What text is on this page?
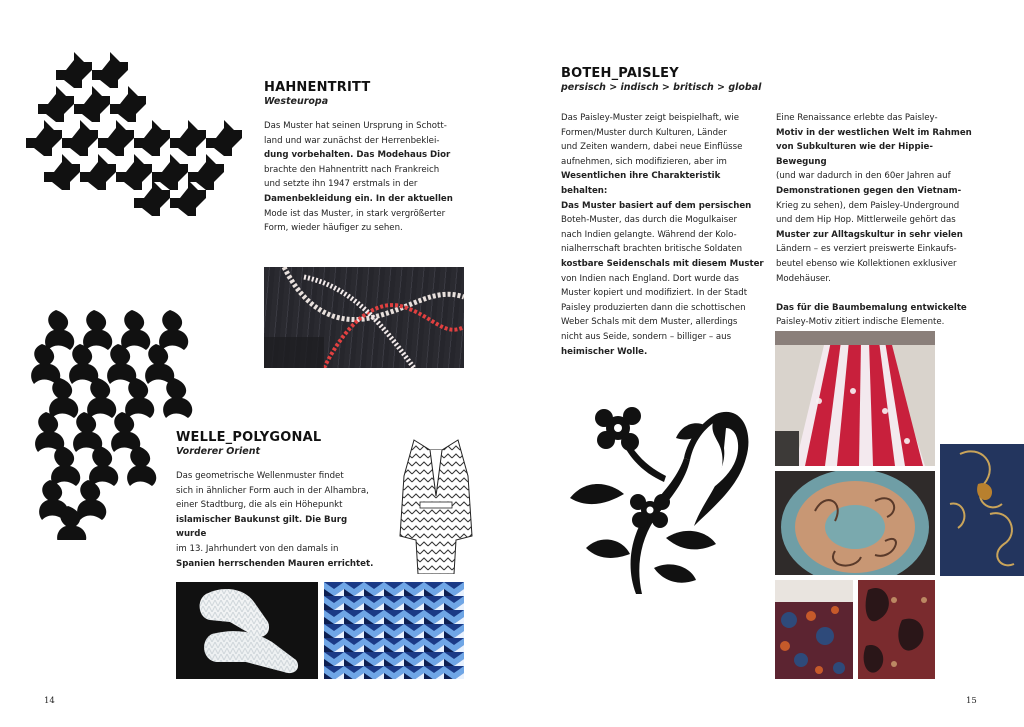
HAHNENTRITT
Westeuropa
Das Muster hat seinen Ursprung in Schott-
land und war zunächst der Herrenbeklei-
dung vorbehalten. Das Modehaus Dior
brachte den Hahnentritt nach Frankreich
und setzte ihn 1947 erstmals in der
Damenbekleidung ein. In der aktuellen
Mode ist das Muster, in stark vergrößerter
Form, wieder häufiger zu sehen.
WELLE_POLYGONAL
Vorderer Orient
Das geometrische Wellenmuster findet
sich in ähnlicher Form auch in der Alhambra,
einer Stadtburg, die als ein Höhepunkt
islamischer Baukunst gilt. Die Burg wurde
im 13. Jahrhundert von den damals in
Spanien herrschenden Mauren errichtet.
14
BOTEH_PAISLEY
persisch > indisch > britisch > global
Das Paisley-Muster zeigt beispielhaft, wie
Formen/Muster durch Kulturen, Länder
und Zeiten wandern, dabei neue Einflüsse
aufnehmen, sich modifizieren, aber im
Wesentlichen ihre Charakteristik behalten:
Das Muster basiert auf dem persischen
Boteh-Muster, das durch die Mogulkaiser
nach Indien gelangte. Während der Kolo-
nialherrschaft brachten britische Soldaten
kostbare Seidenschals mit diesem Muster
von Indien nach England. Dort wurde das
Muster kopiert und modifiziert. In der Stadt
Paisley produzierten dann die schottischen
Weber Schals mit dem Muster, allerdings
nicht aus Seide, sondern – billiger – aus
heimischer Wolle.
Eine Renaissance erlebte das Paisley-
Motiv in der westlichen Welt im Rahmen
von Subkulturen wie der Hippie-Bewegung
(und war dadurch in den 60er Jahren auf
Demonstrationen gegen den Vietnam-
Krieg zu sehen), dem Paisley-Underground
und dem Hip Hop. Mittlerweile gehört das
Muster zur Alltagskultur in sehr vielen
Ländern – es verziert preiswerte Einkaufs-
beutel ebenso wie Kollektionen exklusiver
Modehäuser.
Das für die Baumbemalung entwickelte
Paisley-Motiv zitiert indische Elemente.
15
